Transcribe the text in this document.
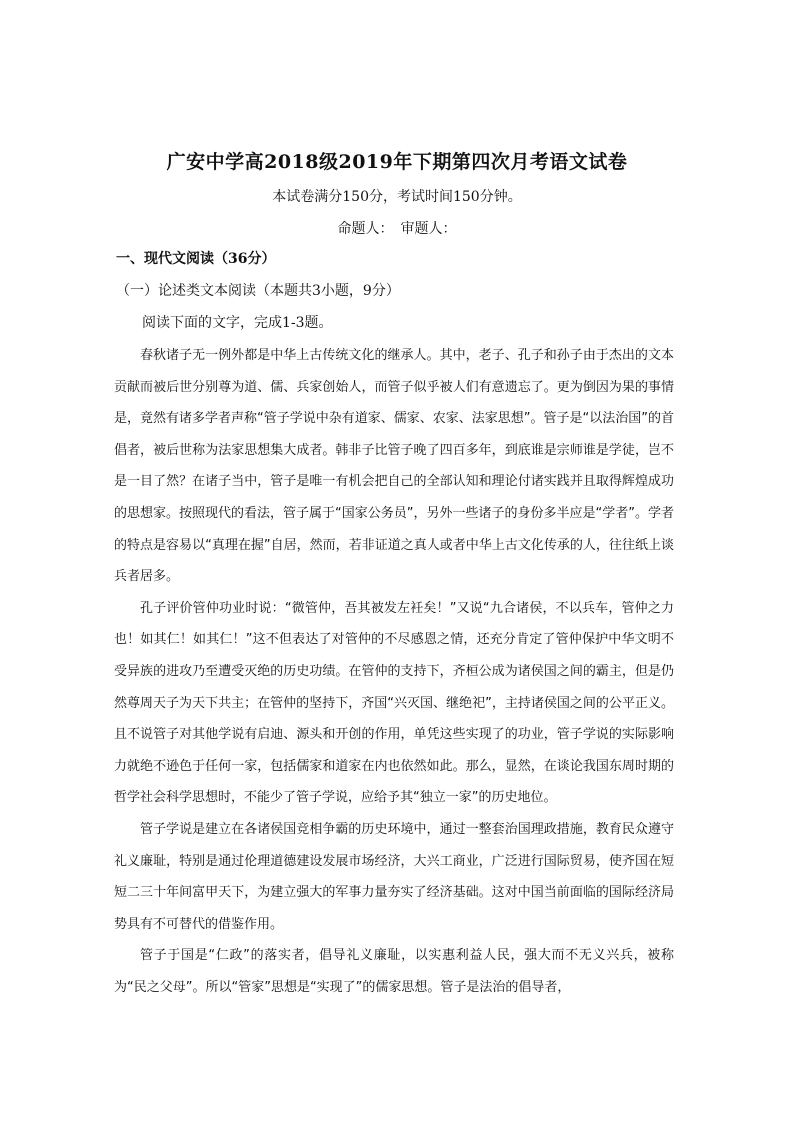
广安中学高2018级2019年下期第四次月考语文试卷
本试卷满分150分，考试时间150分钟。
命题人：　审题人：
一、现代文阅读（36分）
（一）论述类文本阅读（本题共3小题，9分）
阅读下面的文字，完成1-3题。

春秋诸子无一例外都是中华上古传统文化的继承人。其中，老子、孔子和孙子由于杰出的文本贡献而被后世分别尊为道、儒、兵家创始人，而管子似乎被人们有意遗忘了。更为倒因为果的事情是，竟然有诸多学者声称“管子学说中杂有道家、儒家、农家、法家思想”。管子是“以法治国”的首倡者，被后世称为法家思想集大成者。韩非子比管子晚了四百多年，到底谁是宗师谁是学徒，岂不是一目了然？在诸子当中，管子是唯一有机会把自己的全部认知和理论付诸实践并且取得辉煌成功的思想家。按照现代的看法，管子属于“国家公务员”，另外一些诸子的身份多半应是“学者”。学者的特点是容易以“真理在握”自居，然而，若非证道之真人或者中华上古文化传承的人，往往纸上谈兵者居多。

孔子评价管仲功业时说：“微管仲，吾其被发左衽矣！”又说“九合诸侯，不以兵车，管仲之力也！如其仁！如其仁！”这不但表达了对管仲的不尽感恩之情，还充分肯定了管仲保护中华文明不受异族的进攻乃至遭受灭绝的历史功绩。在管仲的支持下，齐桓公成为诸侯国之间的霸主，但是仍然尊周天子为天下共主；在管仲的坚持下，齐国“兴灭国、继绝祀”，主持诸侯国之间的公平正义。且不说管子对其他学说有启迪、源头和开创的作用，单凭这些实现了的功业，管子学说的实际影响力就绝不逊色于任何一家，包括儒家和道家在内也依然如此。那么，显然，在谈论我国东周时期的哲学社会科学思想时，不能少了管子学说，应给予其“独立一家”的历史地位。

管子学说是建立在各诸侯国竞相争霸的历史环境中，通过一整套治国理政措施，教育民众遵守礼义廉耻，特别是通过伦理道德建设发展市场经济，大兴工商业，广泛进行国际贸易，使齐国在短短二三十年间富甲天下，为建立强大的军事力量夯实了经济基础。这对中国当前面临的国际经济局势具有不可替代的借鉴作用。

管子于国是“仁政”的落实者，倡导礼义廉耻，以实惠利益人民，强大而不无义兴兵，被称为“民之父母”。所以“管家”思想是“实现了”的儒家思想。管子是法治的倡导者，
